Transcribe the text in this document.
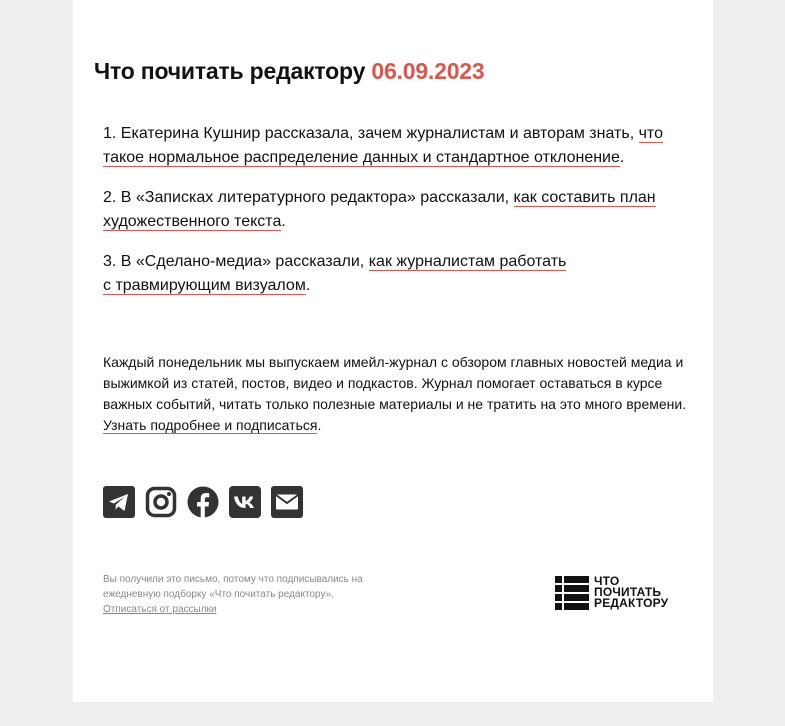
Что почитать редактору 06.09.2023

1. Екатерина Кушнир рассказала, зачем журналистам и авторам знать, что такое нормальное распределение данных и стандартное отклонение.

2. В «Записках литературного редактора» рассказали, как составить план художественного текста.

3. В «Сделано-медиа» рассказали, как журналистам работать с травмирующим визуалом.

Каждый понедельник мы выпускаем имейл-журнал с обзором главных новостей медиа и выжимкой из статей, постов, видео и подкастов. Журнал помогает оставаться в курсе важных событий, читать только полезные материалы и не тратить на это много времени. Узнать подробнее и подписаться.
Вы получили это письмо, потому что подписывались на ежедневную подборку «Что почитать редактору».
Отписаться от рассылки
ЧТО
ПОЧИТАТЬ
РЕДАКТОРУ
